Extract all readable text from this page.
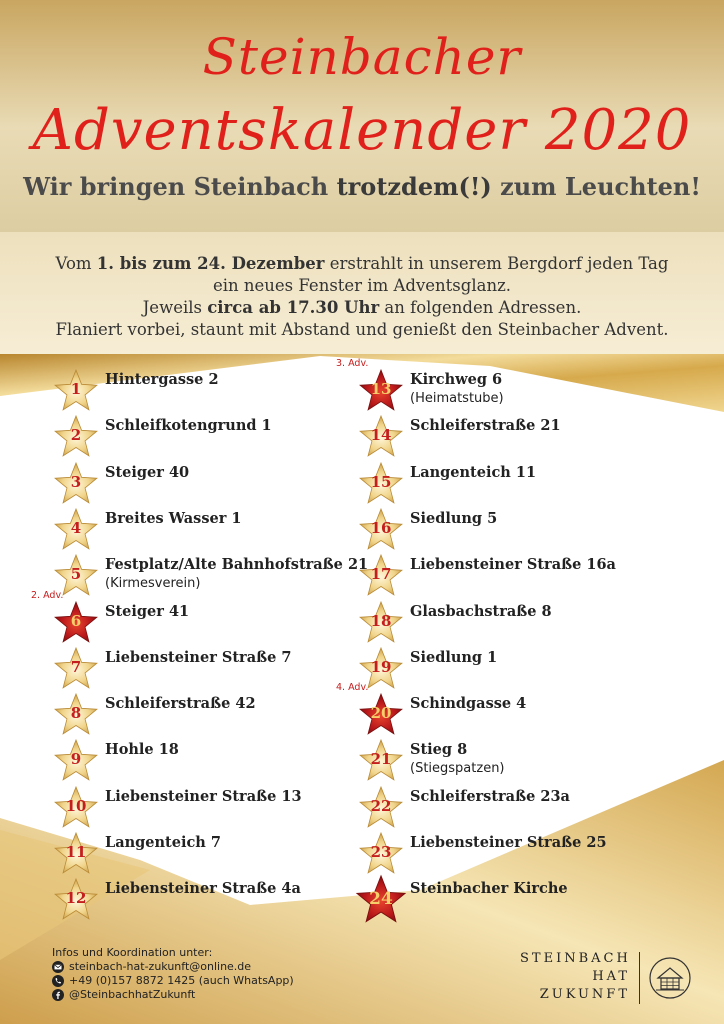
Steinbacher
Adventskalender 2020
Wir bringen Steinbach trotzdem(!) zum Leuchten!
Vom 1. bis zum 24. Dezember erstrahlt in unserem Bergdorf jeden Tag
ein neues Fenster im Adventsglanz.
Jeweils circa ab 17.30 Uhr an folgenden Adressen.
Flaniert vorbei, staunt mit Abstand und genießt den Steinbacher Advent.
1
Hintergasse 2
2
Schleifkotengrund 1
3
Steiger 40
4
Breites Wasser 1
5
Festplatz/Alte Bahnhofstraße 21
(Kirmesverein)
6
Steiger 41
2. Adv.
7
Liebensteiner Straße 7
8
Schleiferstraße 42
9
Hohle 18
10
Liebensteiner Straße 13
11
Langenteich 7
12
Liebensteiner Straße 4a
13
Kirchweg 6
(Heimatstube)
3. Adv.
14
Schleiferstraße 21
15
Langenteich 11
16
Siedlung 5
17
Liebensteiner Straße 16a
18
Glasbachstraße 8
19
Siedlung 1
20
Schindgasse 4
4. Adv.
21
Stieg 8
(Stiegspatzen)
22
Schleiferstraße 23a
23
Liebensteiner Straße 25
24
Steinbacher Kirche
Infos und Koordination unter:
steinbach-hat-zukunft@online.de
+49 (0)157 8872 1425 (auch WhatsApp)
@SteinbachhatZukunft
STEINBACH
HAT
ZUKUNFT
